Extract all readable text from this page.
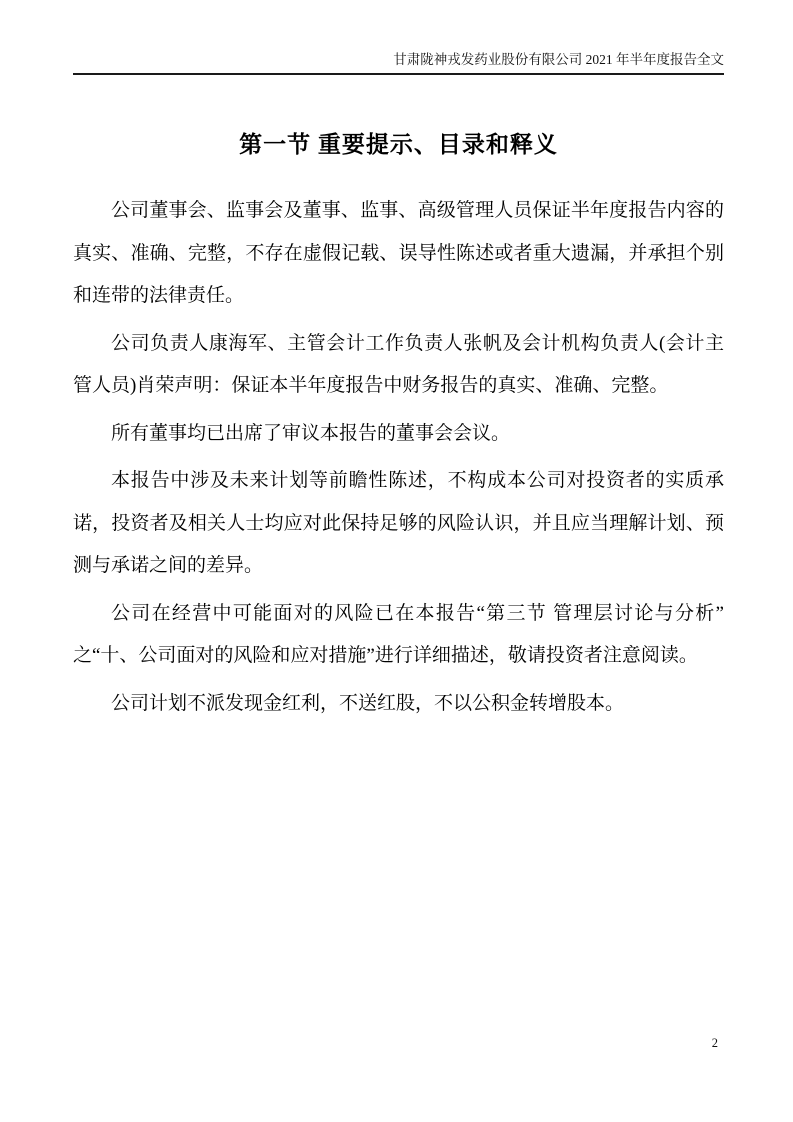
甘肃陇神戎发药业股份有限公司 2021 年半年度报告全文
第一节 重要提示、目录和释义

公司董事会、监事会及董事、监事、高级管理人员保证半年度报告内容的真实、准确、完整，不存在虚假记载、误导性陈述或者重大遗漏，并承担个别和连带的法律责任。

公司负责人康海军、主管会计工作负责人张帆及会计机构负责人(会计主管人员)肖荣声明：保证本半年度报告中财务报告的真实、准确、完整。

所有董事均已出席了审议本报告的董事会会议。

本报告中涉及未来计划等前瞻性陈述，不构成本公司对投资者的实质承诺，投资者及相关人士均应对此保持足够的风险认识，并且应当理解计划、预测与承诺之间的差异。

公司在经营中可能面对的风险已在本报告“第三节 管理层讨论与分析” 之“十、公司面对的风险和应对措施”进行详细描述，敬请投资者注意阅读。

公司计划不派发现金红利，不送红股，不以公积金转增股本。

2
